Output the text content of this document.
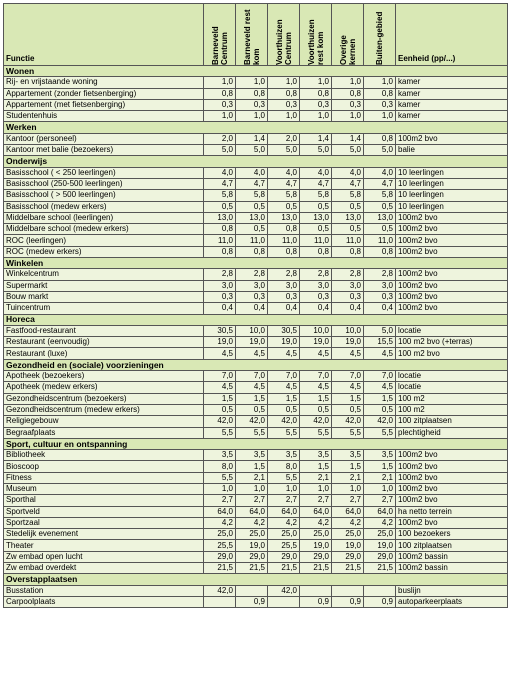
Functie	Barneveld Centrum	Barneveld rest kom	Voorthuizen Centrum	Voorthuizen rest kom	Overige kernen	Buiten-gebied	Eenheid (pp/...)
Wonen							
Rij- en vrijstaande woning	1,0	1,0	1,0	1,0	1,0	1,0	kamer
Appartement (zonder fietsenberging)	0,8	0,8	0,8	0,8	0,8	0,8	kamer
Appartement (met fietsenberging)	0,3	0,3	0,3	0,3	0,3	0,3	kamer
Studentenhuis	1,0	1,0	1,0	1,0	1,0	1,0	kamer
Werken							
Kantoor (personeel)	2,0	1,4	2,0	1,4	1,4	0,8	100m2 bvo
Kantoor met balie (bezoekers)	5,0	5,0	5,0	5,0	5,0	5,0	balie
Onderwijs							
Basisschool ( < 250 leerlingen)	4,0	4,0	4,0	4,0	4,0	4,0	10 leerlingen
Basisschool (250-500 leerlingen)	4,7	4,7	4,7	4,7	4,7	4,7	10 leerlingen
Basisschool ( > 500 leerlingen)	5,8	5,8	5,8	5,8	5,8	5,8	10 leerlingen
Basisschool (medew erkers)	0,5	0,5	0,5	0,5	0,5	0,5	10 leerlingen
Middelbare school (leerlingen)	13,0	13,0	13,0	13,0	13,0	13,0	100m2 bvo
Middelbare school (medew erkers)	0,8	0,5	0,8	0,5	0,5	0,5	100m2 bvo
ROC (leerlingen)	11,0	11,0	11,0	11,0	11,0	11,0	100m2 bvo
ROC (medew erkers)	0,8	0,8	0,8	0,8	0,8	0,8	100m2 bvo
Winkelen							
Winkelcentrum	2,8	2,8	2,8	2,8	2,8	2,8	100m2 bvo
Supermarkt	3,0	3,0	3,0	3,0	3,0	3,0	100m2 bvo
Bouw markt	0,3	0,3	0,3	0,3	0,3	0,3	100m2 bvo
Tuincentrum	0,4	0,4	0,4	0,4	0,4	0,4	100m2 bvo
Horeca							
Fastfood-restaurant	30,5	10,0	30,5	10,0	10,0	5,0	locatie
Restaurant (eenvoudig)	19,0	19,0	19,0	19,0	19,0	15,5	100 m2 bvo (+terras)
Restaurant (luxe)	4,5	4,5	4,5	4,5	4,5	4,5	100 m2 bvo
Gezondheid en (sociale) voorzieningen							
Apotheek (bezoekers)	7,0	7,0	7,0	7,0	7,0	7,0	locatie
Apotheek (medew erkers)	4,5	4,5	4,5	4,5	4,5	4,5	locatie
Gezondheidscentrum (bezoekers)	1,5	1,5	1,5	1,5	1,5	1,5	100 m2
Gezondheidscentrum (medew erkers)	0,5	0,5	0,5	0,5	0,5	0,5	100 m2
Religiegebouw	42,0	42,0	42,0	42,0	42,0	42,0	100 zitplaatsen
Begraafplaats	5,5	5,5	5,5	5,5	5,5	5,5	plechtigheid
Sport, cultuur en ontspanning							
Bibliotheek	3,5	3,5	3,5	3,5	3,5	3,5	100m2 bvo
Bioscoop	8,0	1,5	8,0	1,5	1,5	1,5	100m2 bvo
Fitness	5,5	2,1	5,5	2,1	2,1	2,1	100m2 bvo
Museum	1,0	1,0	1,0	1,0	1,0	1,0	100m2 bvo
Sporthal	2,7	2,7	2,7	2,7	2,7	2,7	100m2 bvo
Sportveld	64,0	64,0	64,0	64,0	64,0	64,0	ha netto terrein
Sportzaal	4,2	4,2	4,2	4,2	4,2	4,2	100m2 bvo
Stedelijk evenement	25,0	25,0	25,0	25,0	25,0	25,0	100 bezoekers
Theater	25,5	19,0	25,5	19,0	19,0	19,0	100 zitplaatsen
Zw embad open lucht	29,0	29,0	29,0	29,0	29,0	29,0	100m2 bassin
Zw embad overdekt	21,5	21,5	21,5	21,5	21,5	21,5	100m2 bassin
Overstapplaatsen							
Busstation	42,0		42,0				buslijn
Carpoolplaats		0,9		0,9	0,9	0,9	autoparkeerplaats
